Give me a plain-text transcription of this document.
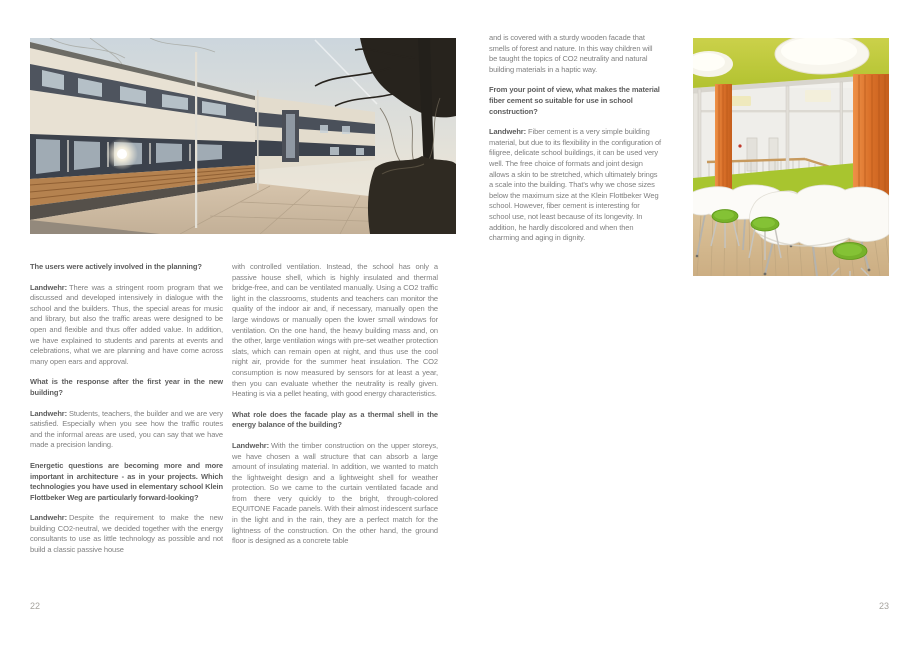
The users were actively involved in the planning?

Landwehr: There was a stringent room program that we discussed and developed intensively in dialogue with the school and the builders. Thus, the special areas for music and library, but also the traffic areas were designed to be open and flexible and thus offer added value. In addition, we have explained to students and parents at events and celebrations, what we are planning and have come across many open ears and approval.

What is the response after the first year in the new building?

Landwehr: Students, teachers, the builder and we are very satisfied. Especially when you see how the traffic routes and the informal areas are used, you can say that we have made a precision landing.

Energetic questions are becoming more and more important in architecture - as in your projects. Which technologies you have used in elementary school Klein Flottbeker Weg are particularly forward-looking?

Landwehr: Despite the requirement to make the new building CO2-neutral, we decided together with the energy consultants to use as little technology as possible and not build a classic passive house

with controlled ventilation. Instead, the school has only a passive house shell, which is highly insulated and thermal bridge-free, and can be ventilated manually. Using a CO2 traffic light in the classrooms, students and teachers can monitor the quality of the indoor air and, if necessary, manually open the large windows or manually open the lower small windows for ventilation. On the one hand, the heavy building mass and, on the other, large ventilation wings with pre-set weather protection slats, which can remain open at night, and thus use the cool night air, provide for the summer heat insulation. The CO2 consumption is now measured by sensors for at least a year, then you can evaluate whether the neutrality is really given. Heating is via a pellet heating, with good energy characteristics.

What role does the facade play as a thermal shell in the energy balance of the building?

Landwehr: With the timber construction on the upper storeys, we have chosen a wall structure that can absorb a large amount of insulating material. In addition, we wanted to match the lightweight design and a lightweight shell for weather protection. So we came to the curtain ventilated facade and from there very quickly to the bright, through-colored EQUITONE Facade panels. With their almost iridescent surface in the light and in the rain, they are a perfect match for the lightness of the construction. On the other hand, the ground floor is designed as a concrete table

22

and is covered with a sturdy wooden facade that smells of forest and nature. In this way children will be taught the topics of CO2 neutrality and natural building materials in a haptic way.

From your point of view, what makes the material fiber cement so suitable for use in school construction?

Landwehr: Fiber cement is a very simple building material, but due to its flexibility in the configuration of filigree, delicate school buildings, it can be used very well. The free choice of formats and joint design allows a skin to be stretched, which ultimately brings a scale into the building. That's why we chose sizes below the maximum size at the Klein Flottbeker Weg school. However, fiber cement is interesting for school use, not least because of its longevity. In addition, he hardly discolored and when then charming and aging in dignity.

23
